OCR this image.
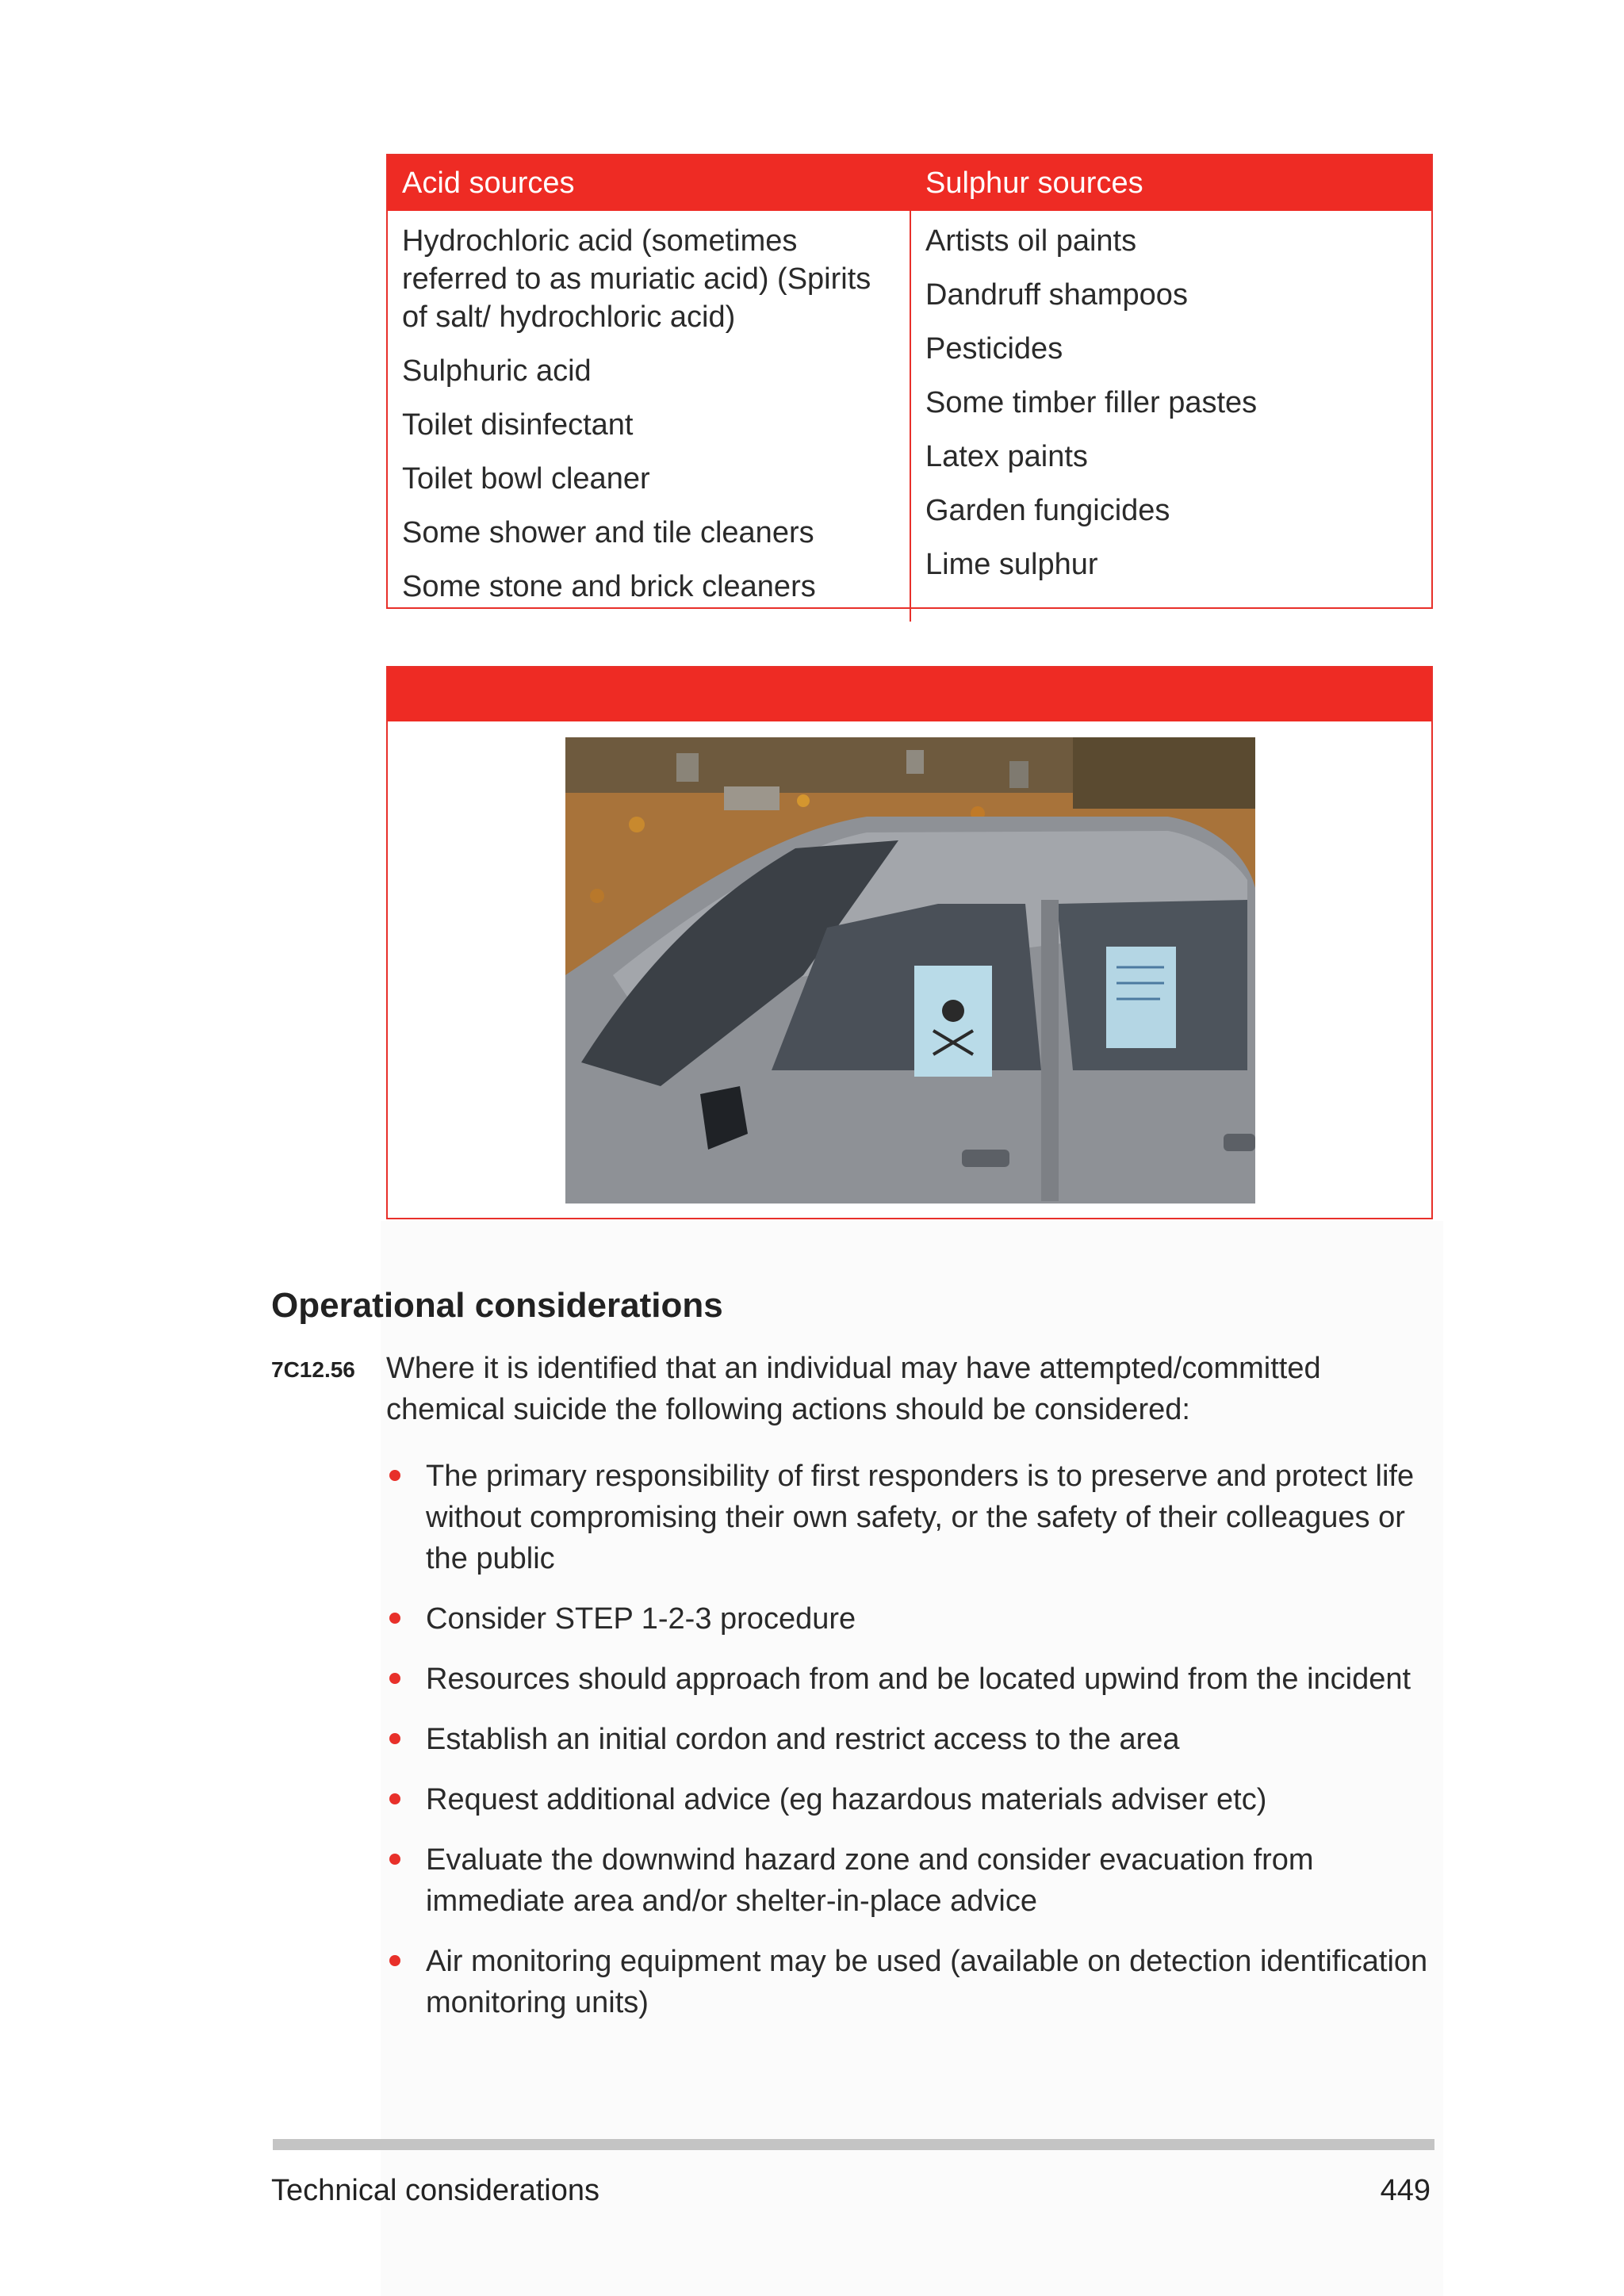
Acid sources	Sulphur sources
Hydrochloric acid (sometimes referred to as muriatic acid) (Spirits of salt/ hydrochloric acid)
Sulphuric acid
Toilet disinfectant
Toilet bowl cleaner
Some shower and tile cleaners
Some stone and brick cleaners
Artists oil paints
Dandruff shampoos
Pesticides
Some timber filler pastes
Latex paints
Garden fungicides
Lime sulphur
Operational considerations
7C12.56 Where it is identified that an individual may have attempted/committed chemical suicide the following actions should be considered:
The primary responsibility of first responders is to preserve and protect life without compromising their own safety, or the safety of their colleagues or the public
Consider STEP 1-2-3 procedure
Resources should approach from and be located upwind from the incident
Establish an initial cordon and restrict access to the area
Request additional advice (eg hazardous materials adviser etc)
Evaluate the downwind hazard zone and consider evacuation from immediate area and/or shelter-in-place advice
Air monitoring equipment may be used (available on detection identification monitoring units)
Technical considerations	449
